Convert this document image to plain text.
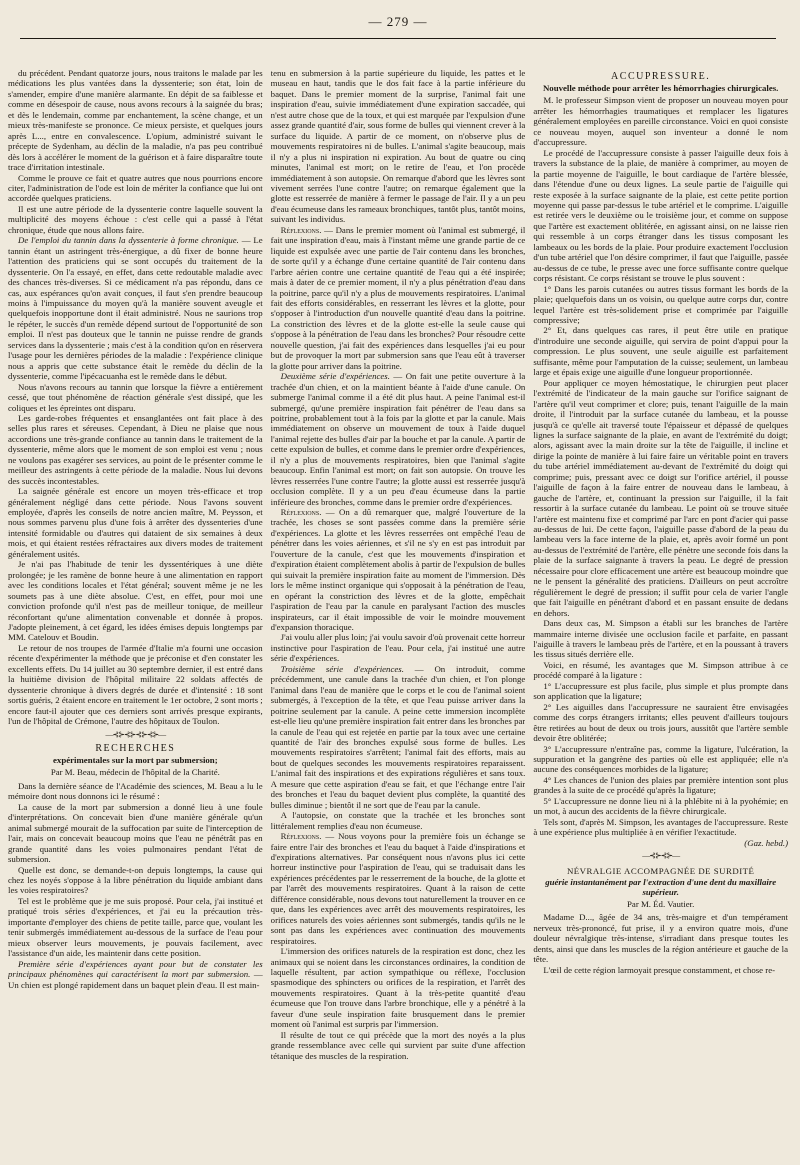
— 279 —

du précédent. Pendant quatorze jours, nous traitons le malade par les médications les plus vantées dans la dyssenterie; son état, loin de s'amender, empire d'une manière alarmante. En dépit de sa faiblesse et comme en désespoir de cause, nous avons recours à la saignée du bras; et dès le lendemain, comme par enchantement, la scène change, et un mieux très-manifeste se prononce. Ce mieux persiste, et quelques jours après L..., entre en convalescence. L'opium, administré suivant le précepte de Sydenham, au déclin de la maladie, n'a pas peu contribué dès lors à accélérer le moment de la guérison et à faire disparaître toute trace d'irritation intestinale.

Comme le prouve ce fait et quatre autres que nous pourrions encore citer, l'administration de l'ode est loin de mériter la confiance que lui ont accordée quelques praticiens.

Il est une autre période de la dyssenterie contre laquelle souvent la multiplicité des moyens échoue : c'est celle qui a passé à l'état chronique, étude que nous allons faire.

De l'emploi du tannin dans la dyssenterie à forme chronique. — Le tannin étant un astringent très-énergique, a dû fixer de bonne heure l'attention des praticiens qui se sont occupés du traitement de la dyssenterie. On l'a essayé, en effet, dans cette redoutable maladie avec des chances très-diverses. Si ce médicament n'a pas répondu, dans ce cas, aux espérances qu'on avait conçues, il faut s'en prendre beaucoup moins à l'impuissance du moyen qu'à la manière souvent aveugle et quelquefois inopportune dont il était administré. Nous ne saurions trop le répéter, le succès d'un remède dépend surtout de l'opportunité de son emploi. Il n'est pas douteux que le tannin ne puisse rendre de grands services dans la dyssenterie ; mais c'est à la condition qu'on en réservera l'usage pour les dernières périodes de la maladie : l'expérience clinique nous a appris que cette substance était le remède du déclin de la dyssenterie, comme l'ipécacuanha est le remède dans le début.

Nous n'avons recours au tannin que lorsque la fièvre a entièrement cessé, que tout phénomène de réaction générale s'est dissipé, que les coliques et les épreintes ont disparu.

Les garde-robes fréquentes et ensanglantées ont fait place à des selles plus rares et séreuses. Cependant, à Dieu ne plaise que nous accordions une très-grande confiance au tannin dans le traitement de la dyssenterie, même alors que le moment de son emploi est venu ; nous ne voulons pas exagérer ses services, au point de le présenter comme le meilleur des astringents à cette période de la maladie. Nous lui devons des succès incontestables.

La saignée générale est encore un moyen très-efficace et trop généralement négligé dans cette période. Nous l'avons souvent employée, d'après les conseils de notre ancien maître, M. Peysson, et nous sommes parvenu plus d'une fois à arrêter des dyssenteries d'une intensité formidable ou d'autres qui dataient de six semaines à deux mois, et qui étaient restées réfractaires aux divers modes de traitement généralement usités.

Je n'ai pas l'habitude de tenir les dyssentériques à une diète prolongée; je les ramène de bonne heure à une alimentation en rapport avec les conditions locales et l'état général; souvent même je ne les soumets pas à une diète absolue. C'est, en effet, pour moi une conviction profonde qu'il n'est pas de meilleur tonique, de meilleur réconfortant qu'une alimentation convenable et donnée à propos. J'adopte pleinement, à cet égard, les idées émises depuis longtemps par MM. Catelouv et Boudin.

Le retour de nos troupes de l'armée d'Italie m'a fourni une occasion récente d'expérimenter la méthode que je préconise et d'en constater les excellents effets. Du 14 juillet au 30 septembre dernier, il est entré dans la huitième division de l'hôpital militaire 22 soldats affectés de dyssenterie chronique à divers degrés de durée et d'intensité : 18 sont sortis guéris, 2 étaient encore en traitement le 1er octobre, 2 sont morts ; encore faut-il ajouter que ces derniers sont arrivés presque expirants, l'un de l'hôpital de Crémone, l'autre des hôpitaux de Toulon.

—⊰⊱⊰⊱⊰⊱⊰⊱—
RECHERCHES
expérimentales sur la mort par submersion;
Par M. Beau, médecin de l'hôpital de la Charité.

Dans la dernière séance de l'Académie des sciences, M. Beau a lu le mémoire dont nous donnons ici le résumé :

La cause de la mort par submersion a donné lieu à une foule d'interprétations. On concevait bien d'une manière générale qu'un animal submergé mourait de la suffocation par suite de l'interception de l'air, mais on concevait beaucoup moins que l'eau ne pénétrât pas en grande quantité dans les voies pulmonaires pendant l'état de submersion.

Quelle est donc, se demande-t-on depuis longtemps, la cause qui chez les noyés s'oppose à la libre pénétration du liquide ambiant dans les voies respiratoires?

Tel est le problème que je me suis proposé. Pour cela, j'ai institué et pratiqué trois séries d'expériences, et j'ai eu la précaution très-importante d'employer des chiens de petite taille, parce que, voulant les tenir submergés immédiatement au-dessous de la surface de l'eau pour mieux observer leurs mouvements, je pouvais facilement, avec l'assistance d'un aide, les maintenir dans cette position.

Première série d'expériences ayant pour but de constater les principaux phénomènes qui caractérisent la mort par submersion. — Un chien est plongé rapidement dans un baquet plein d'eau. Il est main-

tenu en submersion à la partie supérieure du liquide, les pattes et le museau en haut, tandis que le dos fait face à la partie inférieure du baquet. Dans le premier moment de la surprise, l'animal fait une inspiration d'eau, suivie immédiatement d'une expiration saccadée, qui n'est autre chose que de la toux, et qui est marquée par l'expulsion d'une assez grande quantité d'air, sous forme de bulles qui viennent crever à la surface du liquide. A partir de ce moment, on n'observe plus de mouvements respiratoires ni de bulles. L'animal s'agite beaucoup, mais il n'y a plus ni inspiration ni expiration. Au bout de quatre ou cinq minutes, l'animal est mort; on le retire de l'eau, et l'on procède immédiatement à son autopsie. On remarque d'abord que les lèvres sont vivement serrées l'une contre l'autre; on remarque également que la glotte est resserrée de manière à fermer le passage de l'air. Il y a un peu d'eau écumeuse dans les rameaux bronchiques, tantôt plus, tantôt moins, suivant les individus.

Réflexions. — Dans le premier moment où l'animal est submergé, il fait une inspiration d'eau, mais à l'instant même une grande partie de ce liquide est expulsée avec une partie de l'air contenu dans les bronches, de sorte qu'il y a échange d'une certaine quantité de l'air contenu dans l'arbre aérien contre une certaine quantité de l'eau qui a été inspirée; mais à dater de ce premier moment, il n'y a plus pénétration d'eau dans la poitrine, parce qu'il n'y a plus de mouvements respiratoires. L'animal fait des efforts considérables, en resserrant les lèvres et la glotte, pour s'opposer à l'introduction d'un nouvelle quantité d'eau dans la poitrine. La constriction des lèvres et de la glotte est-elle la seule cause qui s'oppose à la pénétration de l'eau dans les bronches? Pour résoudre cette nouvelle question, j'ai fait des expériences dans lesquelles j'ai eu pour but de provoquer la mort par submersion sans que l'eau eût à traverser la glotte pour arriver dans la poitrine.

Deuxième série d'expériences. — On fait une petite ouverture à la trachée d'un chien, et on la maintient béante à l'aide d'une canule. On submerge l'animal comme il a été dit plus haut. A peine l'animal est-il submergé, qu'une première inspiration fait pénétrer de l'eau dans sa poitrine, probablement tout à la fois par la glotte et par la canule. Mais immédiatement on observe un mouvement de toux à l'aide duquel l'animal rejette des bulles d'air par la bouche et par la canule. A partir de cette expulsion de bulles, et comme dans le premier ordre d'expériences, il n'y a plus de mouvements respiratoires, bien que l'animal s'agite beaucoup. Enfin l'animal est mort; on fait son autopsie. On trouve les lèvres resserrées l'une contre l'autre; la glotte aussi est resserrée jusqu'à occlusion complète. Il y a un peu d'eau écumeuse dans la partie inférieure des bronches, comme dans le premier ordre d'expériences.

Réflexions. — On a dû remarquer que, malgré l'ouverture de la trachée, les choses se sont passées comme dans la première série d'expériences. La glotte et les lèvres resserrées ont empêché l'eau de pénétrer dans les voies aériennes, et s'il ne s'y en est pas introduit par l'ouverture de la canule, c'est que les mouvements d'inspiration et d'expiration étaient complètement abolis à partir de l'expulsion de bulles qui suivait la première inspiration faite au moment de l'immersion. Dès lors le même instinct organique qui s'opposait à la pénétration de l'eau, en opérant la constriction des lèvres et de la glotte, empêchait l'aspiration de l'eau par la canule en paralysant l'action des muscles inspirateurs, car il était impossible de voir le moindre mouvement d'expansion thoracique.

J'ai voulu aller plus loin; j'ai voulu savoir d'où provenait cette horreur instinctive pour l'aspiration de l'eau. Pour cela, j'ai institué une autre série d'expériences.

Troisième série d'expériences. — On introduit, comme précédemment, une canule dans la trachée d'un chien, et l'on plonge l'animal dans l'eau de manière que le corps et le cou de l'animal soient submergés, à l'exception de la tête, et que l'eau puisse arriver dans la poitrine seulement par la canule. A peine cette immersion incomplète est-elle lieu qu'une première inspiration fait entrer dans les bronches par la canule de l'eau qui est rejetée en partie par la toux avec une certaine quantité de l'air des bronches expulsé sous forme de bulles. Les mouvements respiratoires s'arrêtent; l'animal fait des efforts, mais au bout de quelques secondes les mouvements respiratoires reparaissent. L'animal fait des inspirations et des expirations régulières et sans toux. A mesure que cette aspiration d'eau se fait, et que l'échange entre l'air des bronches et l'eau du baquet devient plus complète, la quantité des bulles diminue ; bientôt il ne sort que de l'eau par la canule.

A l'autopsie, on constate que la trachée et les bronches sont littéralement remplies d'eau non écumeuse.

Réflexions. — Nous voyons pour la première fois un échange se faire entre l'air des bronches et l'eau du baquet à l'aide d'inspirations et d'expirations alternatives. Par conséquent nous n'avons plus ici cette horreur instinctive pour l'aspiration de l'eau, qui se traduisait dans les expériences précédentes par le resserrement de la bouche, de la glotte et par l'arrêt des mouvements respiratoires. Quant à la raison de cette différence considérable, nous devons tout naturellement la trouver en ce que, dans les expériences avec arrêt des mouvements respiratoires, les orifices naturels des voies aériennes sont submergés, tandis qu'ils ne le sont pas dans les expériences avec continuation des mouvements respiratoires.

L'immersion des orifices naturels de la respiration est donc, chez les animaux qui se noient dans les circonstances ordinaires, la condition de laquelle résultent, par action sympathique ou réflexe, l'occlusion spasmodique des sphincters ou orifices de la respiration, et l'arrêt des mouvements respiratoires. Quant à la très-petite quantité d'eau écumeuse que l'on trouve dans l'arbre bronchique, elle y a pénétré à la faveur d'une seule inspiration faite brusquement dans le premier moment où l'animal est surpris par l'immersion.

Il résulte de tout ce qui précède que la mort des noyés a la plus grande ressemblance avec celle qui survient par suite d'une affection tétanique des muscles de la respiration.

ACCUPRESSURE.
Nouvelle méthode pour arrêter les hémorrhagies chirurgicales.

M. le professeur Simpson vient de proposer un nouveau moyen pour arrêter les hémorrhagies traumatiques et remplacer les ligatures généralement employées en pareille circonstance. Voici en quoi consiste ce nouveau moyen, auquel son inventeur a donné le nom d'accupressure.

Le procédé de l'accupressure consiste à passer l'aiguille deux fois à travers la substance de la plaie, de manière à comprimer, au moyen de la partie moyenne de l'aiguille, le bout cardiaque de l'artère blessée, dans l'étendue d'une ou deux lignes. La seule partie de l'aiguille qui reste exposée à la surface saignante de la plaie, est cette petite portion moyenne qui passe par-dessus le tube artériel et le comprime. L'aiguille est retirée vers le deuxième ou le troisième jour, et comme on suppose que l'artère est exactement oblitérée, en agissant ainsi, on ne laisse rien qui ressemble à un corps étranger dans les tissus composant les lambeaux ou les bords de la plaie. Pour produire exactement l'occlusion d'un tube artériel que l'on désire comprimer, il faut que l'aiguille, passée au-dessus de ce tube, le presse avec une force suffisante contre quelque corps résistant. Ce corps résistant se trouve le plus souvent :

1° Dans les parois cutanées ou autres tissus formant les bords de la plaie; quelquefois dans un os voisin, ou quelque autre corps dur, contre lequel l'artère est très-solidement prise et comprimée par l'aiguille compressive;

2° Et, dans quelques cas rares, il peut être utile en pratique d'introduire une seconde aiguille, qui servira de point d'appui pour la compression. Le plus souvent, une seule aiguille est parfaitement suffisante, même pour l'amputation de la cuisse; seulement, un lambeau large et épais exige une aiguille d'une longueur proportionnée.

Pour appliquer ce moyen hémostatique, le chirurgien peut placer l'extrémité de l'indicateur de la main gauche sur l'orifice saignant de l'artère qu'il veut comprimer et clore; puis, tenant l'aiguille de la main droite, il l'introduit par la surface cutanée du lambeau, et la pousse jusqu'à ce qu'elle ait traversé toute l'épaisseur et dépassé de quelques lignes la surface saignante de la plaie, en avant de l'extrémité du doigt; alors, agissant avec la main droite sur la tête de l'aiguille, il incline et dirige la pointe de manière à lui faire faire un véritable point en travers du tube artériel immédiatement au-devant de l'extrémité du doigt qui comprime; puis, pressant avec ce doigt sur l'orifice artériel, il pousse l'aiguille de façon à la faire entrer de nouveau dans le lambeau, à gauche de l'artère, et, continuant la pression sur l'aiguille, il la fait ressortir à la surface cutanée du lambeau. Le point où se trouve située l'artère est maintenu fixe et comprimé par l'arc en pont d'acier qui passe au-dessus de lui. De cette façon, l'aiguille passe d'abord de la peau du lambeau vers la face interne de la plaie, et, après avoir formé un pont au-dessus de l'extrémité de l'artère, elle pénètre une seconde fois dans la plaie de la surface saignante à travers la peau. Le degré de pression nécessaire pour clore efficacement une artère est beaucoup moindre que ne le pensent la généralité des praticiens. D'ailleurs on peut accroître régulièrement le degré de pression; il suffit pour cela de varier l'angle que fait l'aiguille en pénétrant d'abord et en passant ensuite de dedans en dehors.

Dans deux cas, M. Simpson a établi sur les branches de l'artère mammaire interne divisée une occlusion facile et parfaite, en passant l'aiguille à travers le lambeau près de l'artère, et en la poussant à travers les tissus situés derrière elle.

Voici, en résumé, les avantages que M. Simpson attribue à ce procédé comparé à la ligature :

1° L'accupressure est plus facile, plus simple et plus prompte dans son application que la ligature;

2° Les aiguilles dans l'accupressure ne sauraient être envisagées comme des corps étrangers irritants; elles peuvent d'ailleurs toujours être retirées au bout de deux ou trois jours, aussitôt que l'artère semble devoir être oblitérée;

3° L'accupressure n'entraîne pas, comme la ligature, l'ulcération, la suppuration et la gangrène des parties où elle est appliquée; elle n'a aucune des conséquences morbides de la ligature;

4° Les chances de l'union des plaies par première intention sont plus grandes à la suite de ce procédé qu'après la ligature;

5° L'accupressure ne donne lieu ni à la phlébite ni à la pyohémie; en un mot, à aucun des accidents de la fièvre chirurgicale.

Tels sont, d'après M. Simpson, les avantages de l'accupressure. Reste à une expérience plus multipliée à en vérifier l'exactitude.

(Gaz. hebd.)
—⊰⊱⊰⊱—
NÉVRALGIE ACCOMPAGNÉE DE SURDITÉ
guérie instantanément par l'extraction d'une dent du maxillaire supérieur.
Par M. Éd. Vautier.

Madame D..., âgée de 34 ans, très-maigre et d'un tempérament nerveux très-prononcé, fut prise, il y a environ quatre mois, d'une douleur névralgique très-intense, s'irradiant dans presque toutes les dents, ainsi que dans les muscles de la région antérieure et gauche de la tête.

L'œil de cette région larmoyait presque constamment, et chose re-
